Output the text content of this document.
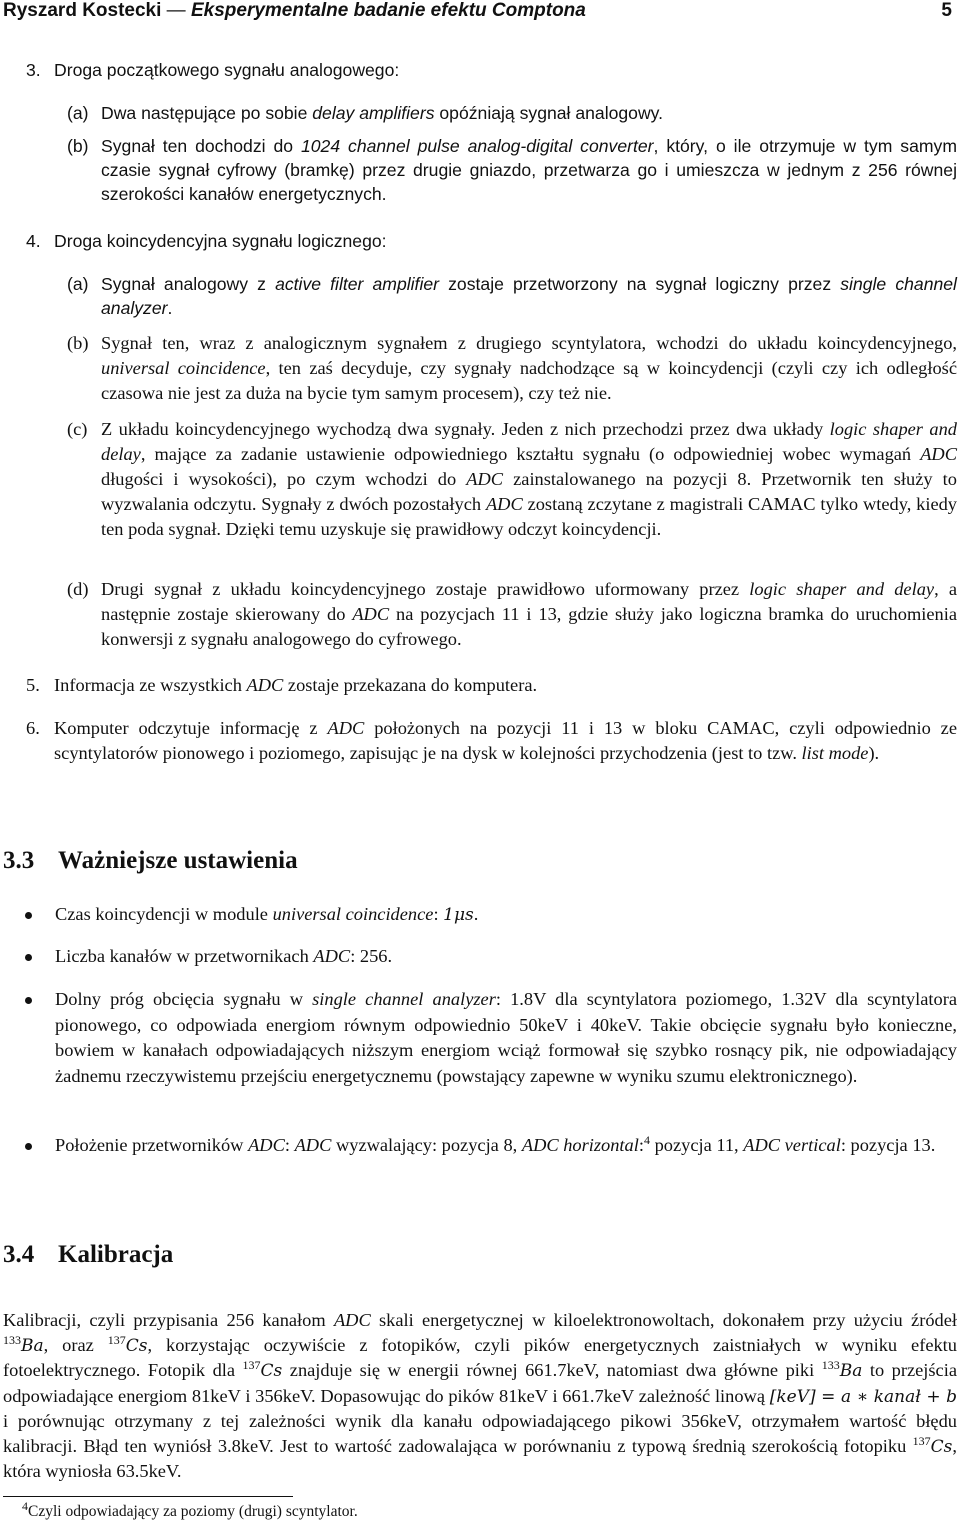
Ryszard Kostecki — Eksperymentalne badanie efektu Comptona	5
3. Droga początkowego sygnału analogowego:
(a) Dwa następujące po sobie delay amplifiers opóźniają sygnał analogowy.
(b) Sygnał ten dochodzi do 1024 channel pulse analog-digital converter, który, o ile otrzymuje w tym samym czasie sygnał cyfrowy (bramkę) przez drugie gniazdo, przetwarza go i umieszcza w jednym z 256 równej szerokości kanałów energetycznych.
4. Droga koincydencyjna sygnału logicznego:
(a) Sygnał analogowy z active filter amplifier zostaje przetworzony na sygnał logiczny przez single channel analyzer.
(b) Sygnał ten, wraz z analogicznym sygnałem z drugiego scyntylatora, wchodzi do układu koincydencyjnego, universal coincidence, ten zaś decyduje, czy sygnały nadchodzące są w koincydencji (czyli czy ich odległość czasowa nie jest za duża na bycie tym samym procesem), czy też nie.
(c) Z układu koincydencyjnego wychodzą dwa sygnały. Jeden z nich przechodzi przez dwa układy logic shaper and delay, mające za zadanie ustawienie odpowiedniego kształtu sygnału (o odpowiedniej wobec wymagań ADC długości i wysokości), po czym wchodzi do ADC zainstalowanego na pozycji 8. Przetwornik ten służy to wyzwalania odczytu. Sygnały z dwóch pozostałych ADC zostaną zczytane z magistrali CAMAC tylko wtedy, kiedy ten poda sygnał. Dzięki temu uzyskuje się prawidłowy odczyt koincydencji.
(d) Drugi sygnał z układu koincydencyjnego zostaje prawidłowo uformowany przez logic shaper and delay, a następnie zostaje skierowany do ADC na pozycjach 11 i 13, gdzie służy jako logiczna bramka do uruchomienia konwersji z sygnału analogowego do cyfrowego.
5. Informacja ze wszystkich ADC zostaje przekazana do komputera.
6. Komputer odczytuje informację z ADC położonych na pozycji 11 i 13 w bloku CAMAC, czyli odpowiednio ze scyntylatorów pionowego i poziomego, zapisując je na dysk w kolejności przychodzenia (jest to tzw. list mode).
3.3 Ważniejsze ustawienia
Czas koincydencji w module universal coincidence: 1μs.
Liczba kanałów w przetwornikach ADC: 256.
Dolny próg obcięcia sygnału w single channel analyzer: 1.8V dla scyntylatora poziomego, 1.32V dla scyntylatora pionowego, co odpowiada energiom równym odpowiednio 50keV i 40keV. Takie obcięcie sygnału było konieczne, bowiem w kanałach odpowiadających niższym energiom wciąż formował się szybko rosnący pik, nie odpowiadający żadnemu rzeczywistemu przejściu energetycznemu (powstający zapewne w wyniku szumu elektronicznego).
Położenie przetworników ADC: ADC wyzwalający: pozycja 8, ADC horizontal:$^4$ pozycja 11, ADC vertical: pozycja 13.
3.4 Kalibracja
Kalibracji, czyli przypisania 256 kanałom ADC skali energetycznej w kiloelektronowoltach, dokonałem przy użyciu źródeł $^{133}$Ba, oraz $^{137}$Cs, korzystając oczywiście z fotopików, czyli pików energetycznych zaistniałych w wyniku efektu fotoelektrycznego. Fotopik dla $^{137}$Cs znajduje się w energii równej 661.7keV, natomiast dwa główne piki $^{133}$Ba to przejścia odpowiadające energiom 81keV i 356keV. Dopasowując do pików 81keV i 661.7keV zależność linową [keV] = a ∗ kanał + b i porównując otrzymany z tej zależności wynik dla kanału odpowiadającego pikowi 356keV, otrzymałem wartość błędu kalibracji. Błąd ten wyniósł 3.8keV. Jest to wartość zadowalająca w porównaniu z typową średnią szerokością fotopiku $^{137}$Cs, która wyniosła 63.5keV.
$^4$Czyli odpowiadający za poziomy (drugi) scyntylator.
